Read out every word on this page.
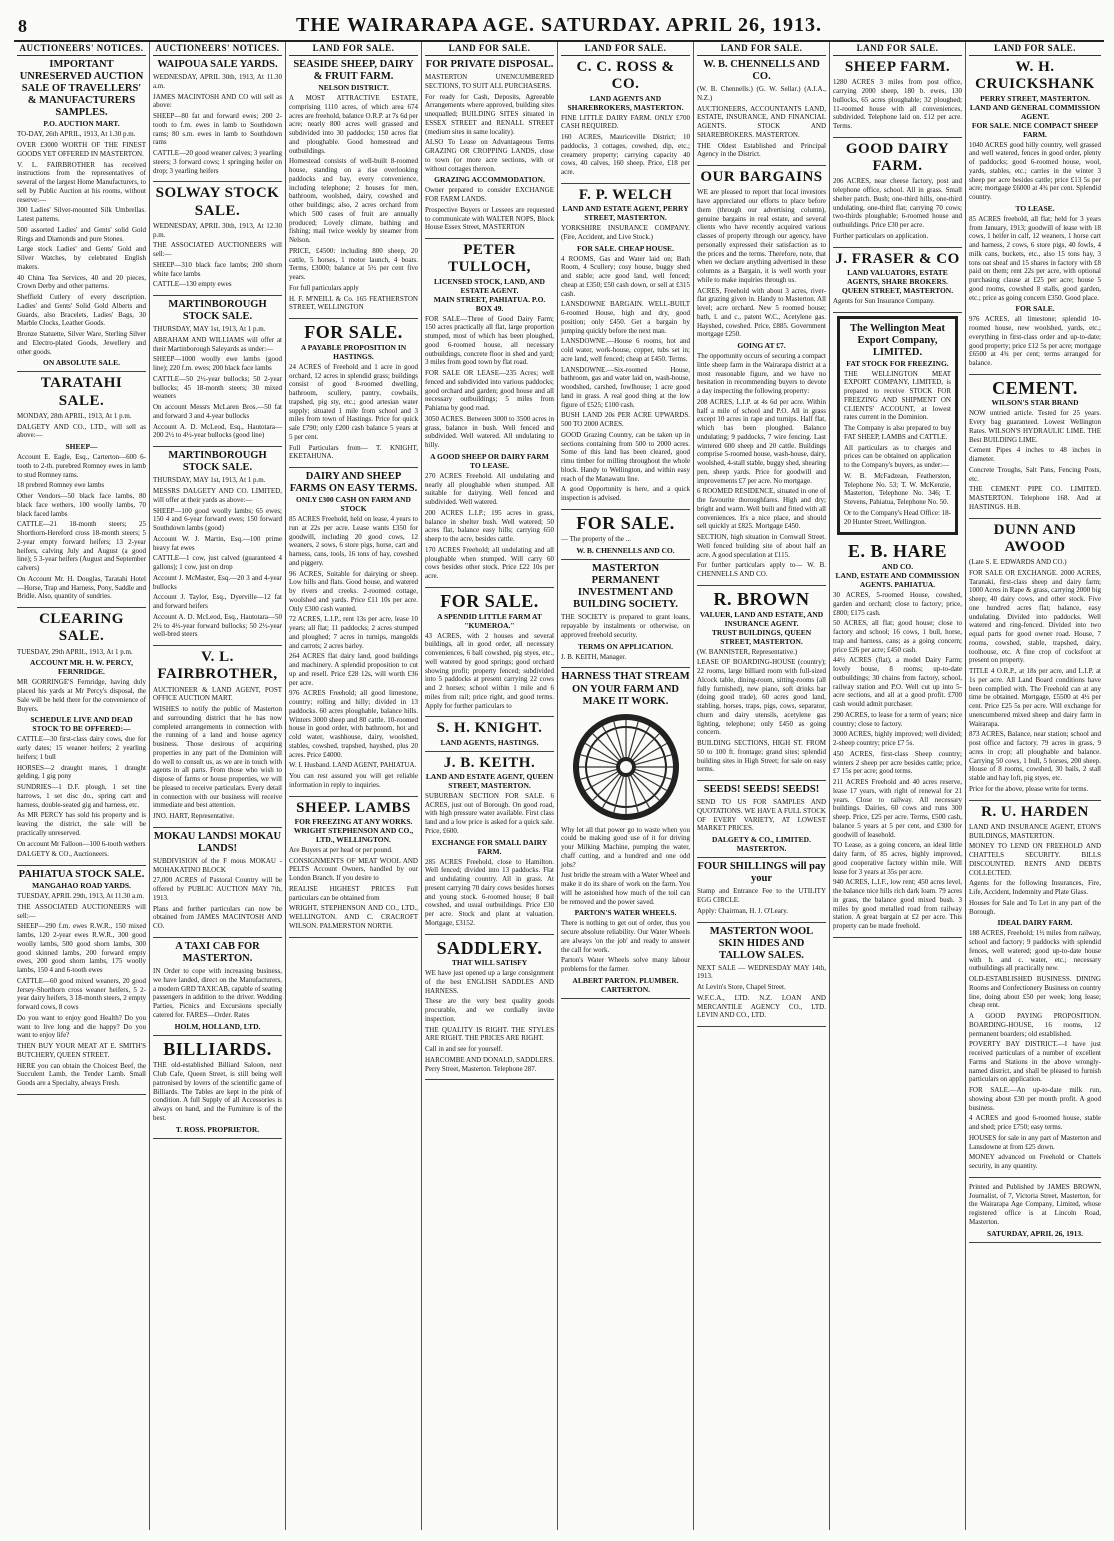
8	THE WAIRARAPA AGE. SATURDAY. APRIL 26, 1913.
AUCTIONEERS' NOTICES.
IMPORTANT UNRESERVED AUCTION SALE OF TRAVELLERS' & MANUFACTURERS SAMPLES.
P.O. AUCTION MART.
TO-DAY, 26th APRIL, 1913, At 1.30 p.m.
OVER £3000 WORTH OF THE FINEST GOODS YET OFFERED IN MASTERTON.
V. L. FAIRBROTHER has received instructions from the representatives of several of the largest Home Manufacturers, to sell by Public Auction at his rooms, without reserve:—
300 Ladies' Silver-mounted Silk Umbrellas. Latest patterns.
500 assorted Ladies' and Gents' solid Gold Rings and Diamonds and pure Stones.
Large stock Ladies' and Gents' Gold and Silver Watches, by celebrated English makers.
40 China Tea Services, 40 and 20 pieces, Crown Derby and other patterns.
Sheffield Cutlery of every description. Ladies' and Gents' Solid Gold Alberts and Guards, also Bracelets, Ladies' Bags, 30 Marble Clocks, Leather Goods.
Bronze Statuette, Silver Ware, Sterling Silver and Electro-plated Goods, Jewellery and other goods.
ON ABSOLUTE SALE.
TARATAHI SALE.
MONDAY, 28th APRIL, 1913, At 1 p.m.
DALGETY AND CO., LTD., will sell as above:—
SHEEP—
Account E. Eagle, Esq., Carterton—600 6-tooth to 2-th. purebred Romney ewes in lamb to stud Romney rams.
18 prebred Romney ewe lambs
Other Vendors—50 black face lambs, 80 black face wethers, 100 woolly lambs, 70 black faced lambs
CATTLE—21 18-month steers; 25 Shorthorn-Hereford cross 18-month steers; 5 2-year empty forward heifers; 13 2-year heifers, calving July and August (a good line); 5 3-year heifers (August and September calvers)
On Account Mr. H. Douglas, Taratahi Hotel—Horse, Trap and Harness, Pony, Saddle and Bridle. Also, quantity of sundries.
CLEARING SALE.
TUESDAY, 29th APRIL, 1913, At 1 p.m.
ACCOUNT MR. H. W. PERCY, FERNRIDGE.
MR GORRINGE'S Fernridge, having duly placed his yards at Mr Percy's disposal, the Sale will be held there for the convenience of Buyers.
SCHEDULE LIVE AND DEAD STOCK TO BE OFFERED:—
CATTLE—30 first-class dairy cows, due for early dates; 15 weaner heifers; 2 yearling heifers; 1 bull
HORSES—2 draught mares, 1 draught gelding, 1 gig pony
SUNDRIES—1 D.F. plough, 1 set tine harrows, 1 set disc do., spring cart and harness, double-seated gig and harness, etc.
As MR PERCY has sold his property and is leaving the district, the sale will be practically unreserved.
On account Mr Falloon—100 6-tooth wethers
DALGETY & CO., Auctioneers.
PAHIATUA STOCK SALE.
MANGAHAO ROAD YARDS.
TUESDAY, APRIL 29th, 1913, At 11.30 a.m.
THE ASSOCIATED AUCTIONEERS will sell:—
SHEEP—290 f.m. ewes R.W.R., 150 mixed lambs, 120 2-year ewes R.W.R., 300 good woolly lambs, 500 good shorn lambs, 300 good skinned lambs, 200 forward empty ewes, 200 good shorn lambs, 175 woolly lambs, 150 4 and 6-tooth ewes
CATTLE—60 good mixed weaners, 20 good Jersey-Shorthorn cross weaner heifers, 5 2-year dairy heifers, 3 18-month steers, 2 empty forward cows, 8 cows
Do you want to enjoy good Health? Do you want to live long and die happy? Do you want to enjoy life?
THEN BUY YOUR MEAT AT E. SMITH'S BUTCHERY, QUEEN STREET.
HERE you can obtain the Choicest Beef, the Succulent Lamb, the Tender Lamb. Small Goods are a Specialty, always Fresh.
AUCTIONEERS' NOTICES.
WAIPOUA SALE YARDS.
WEDNESDAY, APRIL 30th, 1913, At 11.30 a.m.
JAMES MACINTOSH AND CO will sell as above:
SHEEP—80 fat and forward ewes; 200 2-tooth to f.m. ewes in lamb to Southdown rams; 80 s.m. ewes in lamb to Southdown rams
CATTLE—20 good weaner calves; 3 yearling steers; 3 forward cows; 1 springing heifer on drop; 3 yearling heifers
SOLWAY STOCK SALE.
WEDNESDAY, APRIL 30th, 1913, At 12.30 p.m.
THE ASSOCIATED AUCTIONEERS will sell:—
SHEEP—310 black face lambs; 200 shorn white face lambs
CATTLE—130 empty ewes
MARTINBOROUGH STOCK SALE.
THURSDAY, MAY 1st, 1913, At 1 p.m.
ABRAHAM AND WILLIAMS will offer at their Martinborough Saleyards as under:—
SHEEP—1000 woolly ewe lambs (good line); 220 f.m. ewes; 200 black face lambs
CATTLE—50 2½-year bullocks; 50 2-year bullocks; 45 18-month steers; 30 mixed weaners
On account Messrs McLaren Bros.—50 fat and forward 3 and 4-year bullocks
Account A. D. McLeod, Esq., Hautotara—200 2½ to 4½-year bullocks (good line)
MARTINBOROUGH STOCK SALE.
THURSDAY, MAY 1st, 1913, At 1 p.m.
MESSRS DALGETY AND CO. LIMITED, will offer at their yards as above:—
SHEEP—100 good woolly lambs; 65 ewes; 150 4 and 6-year forward ewes; 150 forward Southdown lambs (good)
Account W. J. Martin, Esq.—100 prime heavy fat ewes
CATTLE—1 cow, just calved (guaranteed 4 gallons); 1 cow, just on drop
Account J. McMaster, Esq.—20 3 and 4-year bullocks
Account J. Taylor, Esq., Dyerville—12 fat and forward heifers
Account A. D. McLeod, Esq., Hautotara—50 2½ to 4½-year forward bullocks; 50 2½-year well-bred steers
V. L. FAIRBROTHER,
AUCTIONEER & LAND AGENT, POST OFFICE AUCTION MART.
WISHES to notify the public of Masterton and surrounding district that he has now completed arrangements in connection with the running of a land and house agency business. Those desirous of acquiring properties in any part of the Dominion will do well to consult us, as we are in touch with agents in all parts. From those who wish to dispose of farms or house properties, we will be pleased to receive particulars. Every detail in connection with our business will receive immediate and best attention.
JNO. HART, Representative.
MOKAU LANDS! MOKAU LANDS!
SUBDIVISION of the F mous MOKAU - MOHAKATINO BLOCK
27,000 ACRES of Pastoral Country will be offered by PUBLIC AUCTION MAY 7th, 1913.
Plans and further particulars can now be obtained from JAMES MACINTOSH AND CO.
A TAXI CAB FOR MASTERTON.
IN Order to cope with increasing business, we have landed, direct on the Manufacturers, a modern GRD TAXICAB, capable of seating passengers in addition to the driver. Wedding Parties, Picnics and Excursions specially catered for. FARES—Order. Rates
HOLM, HOLLAND, LTD.
BILLIARDS.
THE old-established Billiard Saloon, next Club Cafe, Queen Street, is still being well patronised by lovers of the scientific game of Billiards. The Tables are kept in the pink of condition. A full Supply of all Accessories is always on hand, and the Furniture is of the best.
T. ROSS. PROPRIETOR.
LAND FOR SALE.
SEASIDE SHEEP, DAIRY & FRUIT FARM.
NELSON DISTRICT.
A MOST ATTRACTIVE ESTATE, comprising 1110 acres, of which area 674 acres are freehold, balance O.R.P. at 7s 6d per acre; nearly 800 acres well grassed and subdivided into 30 paddocks; 150 acres flat and ploughable. Good homestead and outbuildings.
Homestead consists of well-built 8-roomed house, standing on a rise overlooking paddocks and bay, every convenience, including telephone; 2 houses for men, bathroom, woolshed, dairy, cowshed and other buildings; also, 2 acres orchard from which 500 cases of fruit are annually produced; Lovely climate, bathing and fishing; mail twice weekly by steamer from Nelson.
PRICE, £4500: including 800 sheep, 20 cattle, 5 horses, 1 motor launch, 4 boats. Terms, £3000; balance at 5½ per cent five years.
For full particulars apply
H. F. M'NEILL & Co. 165 FEATHERSTON STREET, WELLINGTON
FOR SALE.
A PAYABLE PROPOSITION IN HASTINGS.
24 ACRES of Freehold and 1 acre in good orchard, 12 acres in splendid grass; buildings consist of good 8-roomed dwelling, bathroom, scullery, pantry, cowbails, trapshed, pig sty, etc.; good artesian water supply; situated 1 mile from school and 3 miles from town of Hastings. Price for quick sale £790; only £200 cash balance 5 years at 5 per cent.
Full Particulars from— T. KNIGHT, EKETAHUNA.
DAIRY AND SHEEP FARMS ON EASY TERMS.
ONLY £300 CASH ON FARM AND STOCK
85 ACRES Freehold, held on lease, 4 years to run at 22s per acre. Lease wants £350 for goodwill, including 20 good cows, 12 weaners, 2 sows, 6 store pigs, horse, cart and harness, cans, tools, 16 tons of hay, cowshed and piggery.
96 ACRES, Suitable for dairying or sheep. Low hills and flats. Good house, and watered by rivers and creeks. 2-roomed cottage, woolshed and yards. Price £11 10s per acre. Only £300 cash wanted.
72 ACRES, L.I.P., rent 13s per acre, lease 10 years; all flat; 11 paddocks; 2 acres stumped and ploughed; 7 acres in turnips, mangolds and carrots; 2 acres barley.
264 ACRES flat dairy land, good buildings and machinery. A splendid proposition to cut up and resell. Price £28 12s, will worth £36 per acre.
976 ACRES Freehold; all good limestone, country; rolling and hilly; divided in 13 paddocks. 60 acres ploughable, balance hills. Winters 3000 sheep and 80 cattle. 10-roomed house in good order, with bathroom, hot and cold water, washhouse, dairy, woolshed, stables, cowshed, trapshed, hayshed, plus 20 acres. Price £4000.
W. I. Husband. LAND AGENT, PAHIATUA.
You can rest assured you will get reliable information in reply to inquiries.
SHEEP. LAMBS
FOR FREEZING AT ANY WORKS.
WRIGHT STEPHENSON AND CO., LTD., WELLINGTON.
Are Buyers at per head or per pound.
CONSIGNMENTS OF MEAT WOOL AND PELTS Account Owners, handled by our London Branch. If you desire to
REALISE HIGHEST PRICES Full particulars can be obtained from
WRIGHT, STEPHENSON AND CO., LTD., WELLINGTON. AND C. CRACROFT WILSON. PALMERSTON NORTH.
LAND FOR SALE.
FOR PRIVATE DISPOSAL.
MASTERTON UNENCUMBERED SECTIONS, TO SUIT ALL PURCHASERS.
For ready for Cash, Deposits, Agreeable Arrangements where approved, building sites unequalled; BUILDING SITES situated in ESSEX STREET and RENALL STREET (medium sites in same locality).
ALSO To Lease on Advantageous Terms GRAZING OR CROPPING LANDS, close to town (or more acre sections, with or without cottages thereon.
GRAZING ACCOMMODATION.
Owner prepared to consider EXCHANGE FOR FARM LANDS.
Prospective Buyers or Lessees are requested to communicate with WALTER NOPS, Block House Essex Street, MASTERTON
PETER TULLOCH,
LICENSED STOCK, LAND, AND ESTATE AGENT.
MAIN STREET, PAHIATUA. P.O. BOX 49.
FOR SALE—Three of Good Dairy Farm; 150 acres practically all flat, large proportion stumped, most of which has been ploughed, good 6-roomed house, all necessary outbuildings, concrete floor in shed and yard; 3 miles from good town by flat road.
FOR SALE OR LEASE—235 Acres; well fenced and subdivided into various paddocks; good orchard and garden; good house and all necessary outbuildings; 5 miles from Pahiatua by good road.
3050 ACRES. Between 3000 to 3500 acres in grass, balance in bush. Well fenced and subdivided. Well watered. All undulating to hilly.
A GOOD SHEEP OR DAIRY FARM TO LEASE.
270 ACRES Freehold. All undulating and nearly all ploughable when stumped. All suitable for dairying. Well fenced and subdivided. Well watered.
200 ACRES L.I.P.; 195 acres in grass, balance in shelter bush. Well watered; 50 acres flat, balance easy hills; carrying 650 sheep to the acre, besides cattle.
170 ACRES Freehold; all undulating and all ploughable when stumped. Will carry 60 cows besides other stock. Price £22 10s per acre.
FOR SALE.
A SPENDID LITTLE FARM AT "KUMEROA."
43 ACRES, with 2 houses and several buildings, all in good order, all necessary conveniences, 6 ball cowshed, pig styes, etc., well watered by good springs; good orchard showing profit; property fenced; subdivided into 5 paddocks at present carrying 22 cows and 2 horses; school within 1 mile and 6 miles from rail; price right, and good terms. Apply for further particulars to
S. H. KNIGHT.
LAND AGENTS, HASTINGS.
J. B. KEITH.
LAND AND ESTATE AGENT, QUEEN STREET, MASTERTON.
SUBURBAN SECTION FOR SALE. 6 ACRES, just out of Borough. On good road, with high pressure water available. First class land and a low price is asked for a quick sale. Price, £600.
EXCHANGE FOR SMALL DAIRY FARM.
285 ACRES Freehold, close to Hamilton. Well fenced; divided into 13 paddocks. Flat and undulating country. All in grass. At present carrying 70 dairy cows besides horses and young stock. 6-roomed house; 8 bail cowshed, and usual outbuildings. Price £30 per acre. Stock and plant at valuation. Mortgage, £3152.
SADDLERY.
THAT WILL SATISFY
WE have just opened up a large consignment of the best ENGLISH SADDLES AND HARNESS.
These are the very best quality goods procurable, and we cordially invite inspection.
THE QUALITY IS RIGHT. THE STYLES ARE RIGHT. THE PRICES ARE RIGHT.
Call in and see for yourself.
HARCOMBE AND DONALD, SADDLERS. Perry Street, Masterton. Telephone 287.
LAND FOR SALE.
C. C. ROSS & CO.
LAND AGENTS AND SHAREBROKERS, MASTERTON.
FINE LITTLE DAIRY FARM. ONLY £700 CASH REQUIRED.
160 ACRES, Mauriceville District; 10 paddocks, 3 cottages, cowshed, dip, etc.; creamery property; carrying capacity 40 cows, 40 calves, 160 sheep. Price, £18 per acre.
F. P. WELCH
LAND AND ESTATE AGENT, PERRY STREET, MASTERTON.
YORKSHIRE INSURANCE COMPANY. (Fire, Accident, and Live Stock.)
FOR SALE. CHEAP HOUSE.
4 ROOMS, Gas and Water laid on; Bath Room, 4 Scullery; cosy house, buggy shed and stable; acre good land, well fenced; cheap at £350; £50 cash down, or sell at £315 cash.
LANSDOWNE BARGAIN. WELL-BUILT 6-roomed House, high and dry, good position; only £450. Get a bargain by jumping quickly before the next man.
LANSDOWNE.—House 6 rooms, hot and cold water, work-house, copper, tubs set in; acre land, well fenced; cheap at £450. Terms.
LANSDOWNE.—Six-roomed House, bathroom, gas and water laid on, wash-house, woodshed, carshed, fowlhouse; 1 acre good land in grass. A real good thing at the low figure of £525; £100 cash.
BUSH LAND 20s PER ACRE UPWARDS. 500 TO 2000 ACRES.
GOOD Grazing Country, can be taken up in sections containing from 500 to 2000 acres. Some of this land has been cleared, good rimu timber for milling throughout the whole block. Handy to Wellington, and within easy reach of the Manawatu line.
A good Opportunity is here, and a quick inspection is advised.
FOR SALE.
— The property of the ...
W. B. CHENNELLS AND CO.
MASTERTON PERMANENT INVESTMENT AND BUILDING SOCIETY.
THE SOCIETY is prepared to grant loans, repayable by instalments or otherwise, on approved freehold security.
TERMS ON APPLICATION.
J. B. KEITH, Manager.
HARNESS THAT STREAM ON YOUR FARM AND MAKE IT WORK.
Why let all that power go to waste when you could be making good use of it for driving your Milking Machine, pumping the water, chaff cutting, and a hundred and one odd jobs?
Just bridle the stream with a Water Wheel and make it do its share of work on the farm. You will be astonished how much of the toil can be removed and the power saved.
PARTON'S WATER WHEELS.
There is nothing to get out of order, thus you secure absolute reliability. Our Water Wheels are always 'on the job' and ready to answer the call for work.
Parton's Water Wheels solve many labour problems for the farmer.
ALBERT PARTON. PLUMBER. CARTERTON.
LAND FOR SALE.
W. B. CHENNELLS AND CO.
(W. B. Chennells.) (G. W. Sellar.) (A.I.A., N.Z.)
AUCTIONEERS, ACCOUNTANTS LAND, ESTATE, INSURANCE, AND FINANCIAL AGENTS. STOCK AND SHAREBROKERS. MASTERTON.
THE Oldest Established and Principal Agency in the District.
OUR BARGAINS
WE are pleased to report that local investors have appreciated our efforts to place before them (through our advertising column), genuine bargains in real estate, and several clients who have recently acquired various classes of property through our agency, have personally expressed their satisfaction as to the prices and the terms. Therefore, note, that when we declare anything advertised in these columns as a Bargain, it is well worth your while to make inquiries through us.
ACRES, Freehold with about 3 acres, river-flat grazing given in. Handy to Masterton. All level; acre orchard. New 5 roomed house; bath, l. and c., patent W.C., Acetylene gas. Hayshed, cowshed. Price, £885. Government mortgage £250.
GOING AT £7.
The opportunity occurs of securing a compact little sheep farm in the Wairarapa district at a most reasonable figure, and we have no hesitation in recommending buyers to devote a day inspecting the following property:
208 ACRES, L.I.P. at 4s 6d per acre. Within half a mile of school and P.O. All in grass except 10 acres in rape and turnips. Half flat, which has been ploughed. Balance undulating; 9 paddocks, 7 wire fencing. Last wintered 600 sheep and 20 cattle. Buildings comprise 5-roomed house, wash-house, dairy, woolshed, 4-stall stable, buggy shed, shearing pen, sheep yards. Price for goodwill and improvements £7 per acre. No mortgage.
6 ROOMED RESIDENCE, situated in one of the favourite thoroughfares. High and dry; bright and warm. Well built and fitted with all conveniences. It's a nice place, and should sell quickly at £825. Mortgage £450.
SECTION, high situation in Cornwall Street. Well fenced building site of about half an acre. A good speculation at £115.
For further particulars apply to— W. B. CHENNELLS AND CO.
R. BROWN
VALUER, LAND AND ESTATE, AND INSURANCE AGENT.
TRUST BUILDINGS, QUEEN STREET, MASTERTON.
(W. BANNISTER, Representative.)
LEASE OF BOARDING-HOUSE (country); 22 rooms, large billiard room with full-sized Alcock table, dining-room, sitting-rooms (all fully furnished), new piano, soft drinks bar (doing good trade), 60 acres good land, stabling, horses, traps, pigs, cows, separator, churn and dairy utensils, acetylene gas lighting, telephone; only £450 as going concern.
BUILDING SECTIONS, HIGH ST. FROM 50 to 100 ft. frontage; grand sites; splendid building sites in High Street; for sale on easy terms.
SEEDS! SEEDS! SEEDS!
SEND TO US FOR SAMPLES AND QUOTATIONS. WE HAVE A FULL STOCK OF EVERY VARIETY, AT LOWEST MARKET PRICES.
DALGETY & CO., LIMITED. MASTERTON.
FOUR SHILLINGS will pay your
Stamp and Entrance Fee to the UTILITY EGG CIRCLE.
Apply: Chairman, H. J. O'Leary.
MASTERTON WOOL SKIN HIDES AND TALLOW SALES.
NEXT SALE — WEDNESDAY MAY 14th, 1913.
At Levin's Store, Chapel Street.
W.F.C.A., LTD. N.Z. LOAN AND MERCANTILE AGENCY CO., LTD. LEVIN AND CO., LTD.
LAND FOR SALE.
SHEEP FARM.
1280 ACRES 3 miles from post office, carrying 2000 sheep, 180 b. ewes, 130 bullocks, 65 acres ploughable; 32 ploughed; 11-roomed house with all conveniences, subdivided. Telephone laid on. £12 per acre. Terms.
GOOD DAIRY FARM.
206 ACRES, near cheese factory, post and telephone office, school. All in grass. Small shelter patch. Bush; one-third hills, one-third undulating, one-third flat; carrying 70 cows; two-thirds ploughable; 6-roomed house and outbuildings. Price £30 per acre.
Further particulars on application.
J. FRASER & CO
LAND VALUATORS, ESTATE AGENTS, SHARE BROKERS.
QUEEN STREET, MASTERTON.
Agents for Sun Insurance Company.
The Wellington Meat Export Company, LIMITED.
FAT STOCK FOR FREEZING.
THE WELLINGTON MEAT EXPORT COMPANY, LIMITED, is prepared to receive STOCK FOR FREEZING AND SHIPMENT ON CLIENTS' ACCOUNT, at lowest rates current in the Dominion.
The Company is also prepared to buy FAT SHEEP, LAMBS and CATTLE.
All particulars as to charges and prices can be obtained on application to the Company's buyers, as under:—
W. B. McFadzean, Featherston, Telephone No. 53; T. W. McKenzie, Masterton, Telephone No. 346; T. Stevens, Pahiatua, Telephone No. 50.
Or to the Company's Head Office: 18-20 Hunter Street, Wellington.
E. B. HARE
AND CO.
LAND, ESTATE AND COMMISSION AGENTS. PAHIATUA.
30 ACRES, 5-roomed House, cowshed, garden and orchard; close to factory; price, £800; £175 cash.
50 ACRES, all flat; good house; close to factory and school; 16 cows, 1 bull, horse, trap and harness, cans; as a going concern; price £26 per acre; £450 cash.
44½ ACRES (flat), a model Dairy Farm; lovely house, 8 rooms; up-to-date outbuildings; 30 chains from factory, school, railway station and P.O. Well cut up into 5-acre sections, and all at a good profit. £700 cash would admit purchaser.
290 ACRES, to lease for a term of years; nice country; close to factory.
3000 ACRES, highly improved; well divided; 2-sheep country; price £7 5s.
450 ACRES, first-class Sheep country; winters 2 sheep per acre besides cattle; price, £7 15s per acre; good terms.
211 ACRES Freehold and 40 acres reserve, lease 17 years, with right of renewal for 21 years. Close to railway. All necessary buildings. Dairies, 60 cows and runs 300 sheep. Price, £25 per acre. Terms, £500 cash, balance 5 years at 5 per cent, and £300 for goodwill of leasehold.
TO Lease, as a going concern, an ideal little dairy farm, of 85 acres, highly improved, good cooperative factory within mile. Will lease for 3 years at 35s per acre.
940 ACRES, L.I.F., low rent; 450 acres level, the balance nice hills rich dark loam. 79 acres in grass, the balance good mixed bush. 3 miles by good metalled road from railway station. A great bargain at £2 per acre. This property can be made freehold.
LAND FOR SALE.
W. H. CRUICKSHANK
PERRY STREET, MASTERTON.
LAND AND GENERAL COMMISSION AGENT.
FOR SALE. NICE COMPACT SHEEP FARM.
1040 ACRES good hilly country, well grassed and well watered, fences in good order, plenty of paddocks; good 6-roomed house, wool, yards, stables, etc.; carries in the winter 3 sheep per acre besides cattle; price £13 5s per acre; mortgage £6000 at 4¾ per cent. Splendid country.
TO LEASE.
85 ACRES freehold, all flat; held for 3 years from January, 1913; goodwill of lease with 18 cows, 1 heifer in calf, 12 weaners, 1 horse cart and harness, 2 cows, 6 store pigs, 40 fowls, 4 milk cans, buckets, etc., also 15 tons hay, 3 tons oat sheaf and 15 shares in factory with £8 paid on them; rent 22s per acre, with optional purchasing clause at £25 per acre; house 5 good rooms, cowshed 8 stalls, good garden, etc.; price as going concern £350. Good place.
FOR SALE.
976 ACRES, all limestone; splendid 10-roomed house, new woolshed, yards, etc.; everything in first-class order and up-to-date; good property; price £12 5s per acre; mortgage £6500 at 4¾ per cent; terms arranged for balance.
CEMENT.
WILSON'S STAR BRAND
NOW untried article. Tested for 25 years. Every bag guaranteed. Lowest Wellington Rates. WILSON'S HYDRAULIC LIME. THE Best BUILDING LIME.
Cement Pipes 4 inches to 48 inches in diameter.
Concrete Troughs, Salt Pans, Fencing Posts, etc.
THE CEMENT PIPE CO. LIMITED. MASTERTON. Telephone 168. And at HASTINGS. H.B.
DUNN AND AWOOD
(Late S. E. EDWARDS AND CO.)
FOR SALE OR EXCHANGE. 2000 ACRES, Taranaki, first-class sheep and dairy farm; 1000 Acres in Rape & grass, carrying 2000 big sheep; 40 dairy cows, and other stock. Five one hundred acres flat; balance, easy undulating. Divided into paddocks. Well watered and ring-fenced. Divided into two equal parts for good owner road. House, 7 rooms, cowshed, stable, trapshed, dairy, toolhouse, etc. A fine crop of cocksfoot at present on property.
TITLE 4 O.R.P., at 18s per acre, and L.I.P. at 1s per acre. All Land Board conditions have been complied with. The Freehold can at any time be obtained. Mortgage, £5500 at 4½ per cent. Price £25 5s per acre. Will exchange for unencumbered mixed sheep and dairy farm in Wairarapa.
873 ACRES, Balance, near station; school and post office and factory. 79 acres in grass, 9 acres in crop; all ploughable and balance. Carrying 50 cows, 1 bull, 5 horses, 200 sheep. House of 8 rooms, cowshed, 30 bails, 2 stall stable and hay loft, pig styes, etc.
Price for the above, please write for terms.
R. U. HARDEN
LAND AND INSURANCE AGENT, ETON'S BUILDINGS, MASTERTON.
MONEY TO LEND ON FREEHOLD AND CHATTELS SECURITY. BILLS DISCOUNTED. RENTS AND DEBTS COLLECTED.
Agents for the following Insurances, Fire, Life, Accident, Indemnity and Plate Glass.
Houses for Sale and To Let in any part of the Borough.
IDEAL DAIRY FARM.
188 ACRES, Freehold; 1½ miles from railway, school and factory; 9 paddocks with splendid fences, well watered; good up-to-date house with h. and c. water, etc.; necessary outbuildings all practically new.
OLD-ESTABLISHED BUSINESS. DINING Rooms and Confectionery Business on country line, doing about £50 per week; long lease; cheap rent.
A GOOD PAYING PROPOSITION. BOARDING-HOUSE, 16 rooms, 12 permanent boarders; old established.
POVERTY BAY DISTRICT.—I have just received particulars of a number of excellent Farms and Stations in the above wrongly-named district, and shall be pleased to furnish particulars on application.
FOR SALE.—An up-to-date milk run, showing about £30 per month profit. A good business.
4 ACRES and good 6-roomed house, stable and shed; price £750; easy terms.
HOUSES for sale in any part of Masterton and Lansdowne at from £25 down.
MONEY advanced on Freehold or Chattels security, in any quantity.
Printed and Published by JAMES BROWN, Journalist, of 7, Victoria Street, Masterton, for the Wairarapa Age Company, Limited, whose registered office is at Lincoln Road, Masterton.
SATURDAY, APRIL 26, 1913.
